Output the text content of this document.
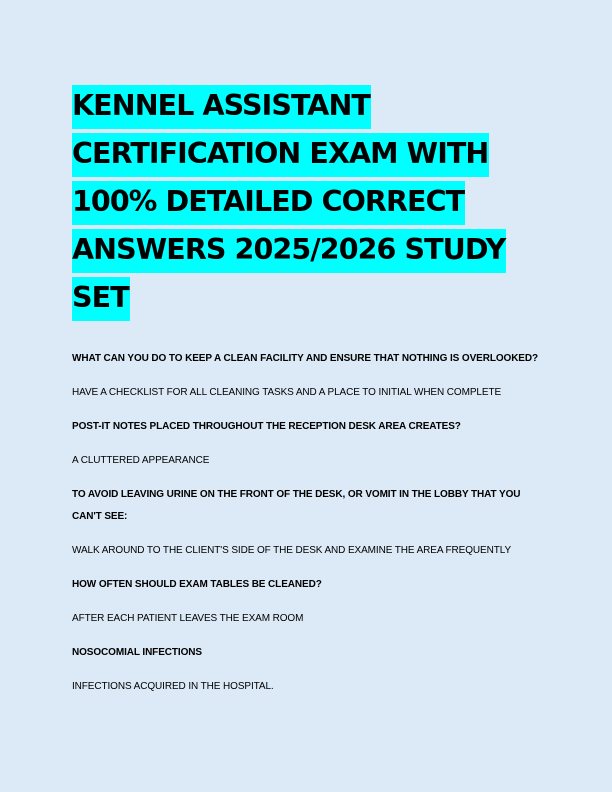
KENNEL ASSISTANT
CERTIFICATION EXAM WITH
100% DETAILED CORRECT
ANSWERS 2025/2026 STUDY
SET

WHAT CAN YOU DO TO KEEP A CLEAN FACILITY AND ENSURE THAT NOTHING IS OVERLOOKED?

HAVE A CHECKLIST FOR ALL CLEANING TASKS AND A PLACE TO INITIAL WHEN COMPLETE

POST-IT NOTES PLACED THROUGHOUT THE RECEPTION DESK AREA CREATES?

A CLUTTERED APPEARANCE

TO AVOID LEAVING URINE ON THE FRONT OF THE DESK, OR VOMIT IN THE LOBBY THAT YOU CAN'T SEE:

WALK AROUND TO THE CLIENT'S SIDE OF THE DESK AND EXAMINE THE AREA FREQUENTLY

HOW OFTEN SHOULD EXAM TABLES BE CLEANED?

AFTER EACH PATIENT LEAVES THE EXAM ROOM

NOSOCOMIAL INFECTIONS

INFECTIONS ACQUIRED IN THE HOSPITAL.
